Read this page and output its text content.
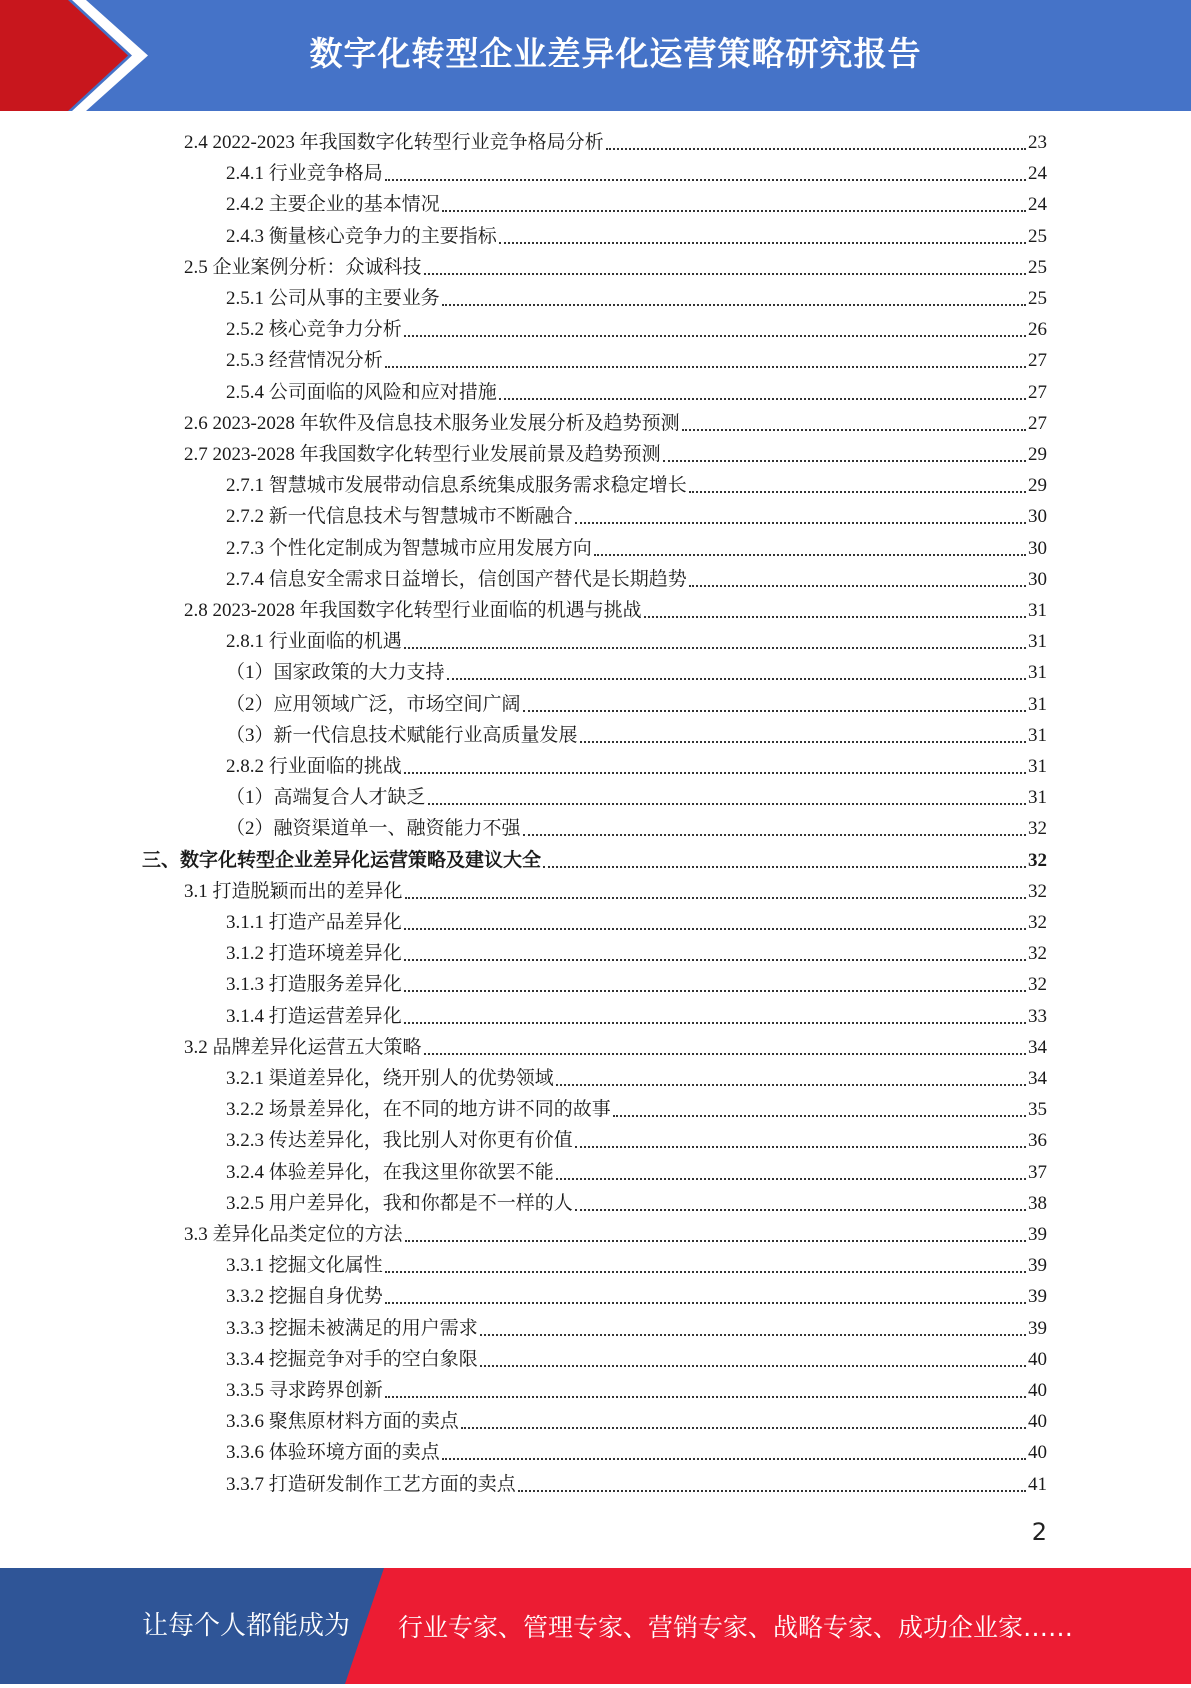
数字化转型企业差异化运营策略研究报告
2.4 2022-2023 年我国数字化转型行业竞争格局分析	23
2.4.1 行业竞争格局	24
2.4.2 主要企业的基本情况	24
2.4.3 衡量核心竞争力的主要指标	25
2.5 企业案例分析：众诚科技	25
2.5.1 公司从事的主要业务	25
2.5.2 核心竞争力分析	26
2.5.3 经营情况分析	27
2.5.4 公司面临的风险和应对措施	27
2.6 2023-2028 年软件及信息技术服务业发展分析及趋势预测	27
2.7 2023-2028 年我国数字化转型行业发展前景及趋势预测	29
2.7.1 智慧城市发展带动信息系统集成服务需求稳定增长	29
2.7.2 新一代信息技术与智慧城市不断融合	30
2.7.3 个性化定制成为智慧城市应用发展方向	30
2.7.4 信息安全需求日益增长，信创国产替代是长期趋势	30
2.8 2023-2028 年我国数字化转型行业面临的机遇与挑战	31
2.8.1 行业面临的机遇	31
（1）国家政策的大力支持	31
（2）应用领域广泛，市场空间广阔	31
（3）新一代信息技术赋能行业高质量发展	31
2.8.2 行业面临的挑战	31
（1）高端复合人才缺乏	31
（2）融资渠道单一、融资能力不强	32
三、数字化转型企业差异化运营策略及建议大全	32
3.1 打造脱颖而出的差异化	32
3.1.1 打造产品差异化	32
3.1.2 打造环境差异化	32
3.1.3 打造服务差异化	32
3.1.4 打造运营差异化	33
3.2 品牌差异化运营五大策略	34
3.2.1 渠道差异化，绕开别人的优势领域	34
3.2.2 场景差异化，在不同的地方讲不同的故事	35
3.2.3 传达差异化，我比别人对你更有价值	36
3.2.4 体验差异化，在我这里你欲罢不能	37
3.2.5 用户差异化，我和你都是不一样的人	38
3.3 差异化品类定位的方法	39
3.3.1 挖掘文化属性	39
3.3.2 挖掘自身优势	39
3.3.3 挖掘未被满足的用户需求	39
3.3.4 挖掘竞争对手的空白象限	40
3.3.5 寻求跨界创新	40
3.3.6 聚焦原材料方面的卖点	40
3.3.6 体验环境方面的卖点	40
3.3.7 打造研发制作工艺方面的卖点	41
2
让每个人都能成为 行业专家、管理专家、营销专家、战略专家、成功企业家……
